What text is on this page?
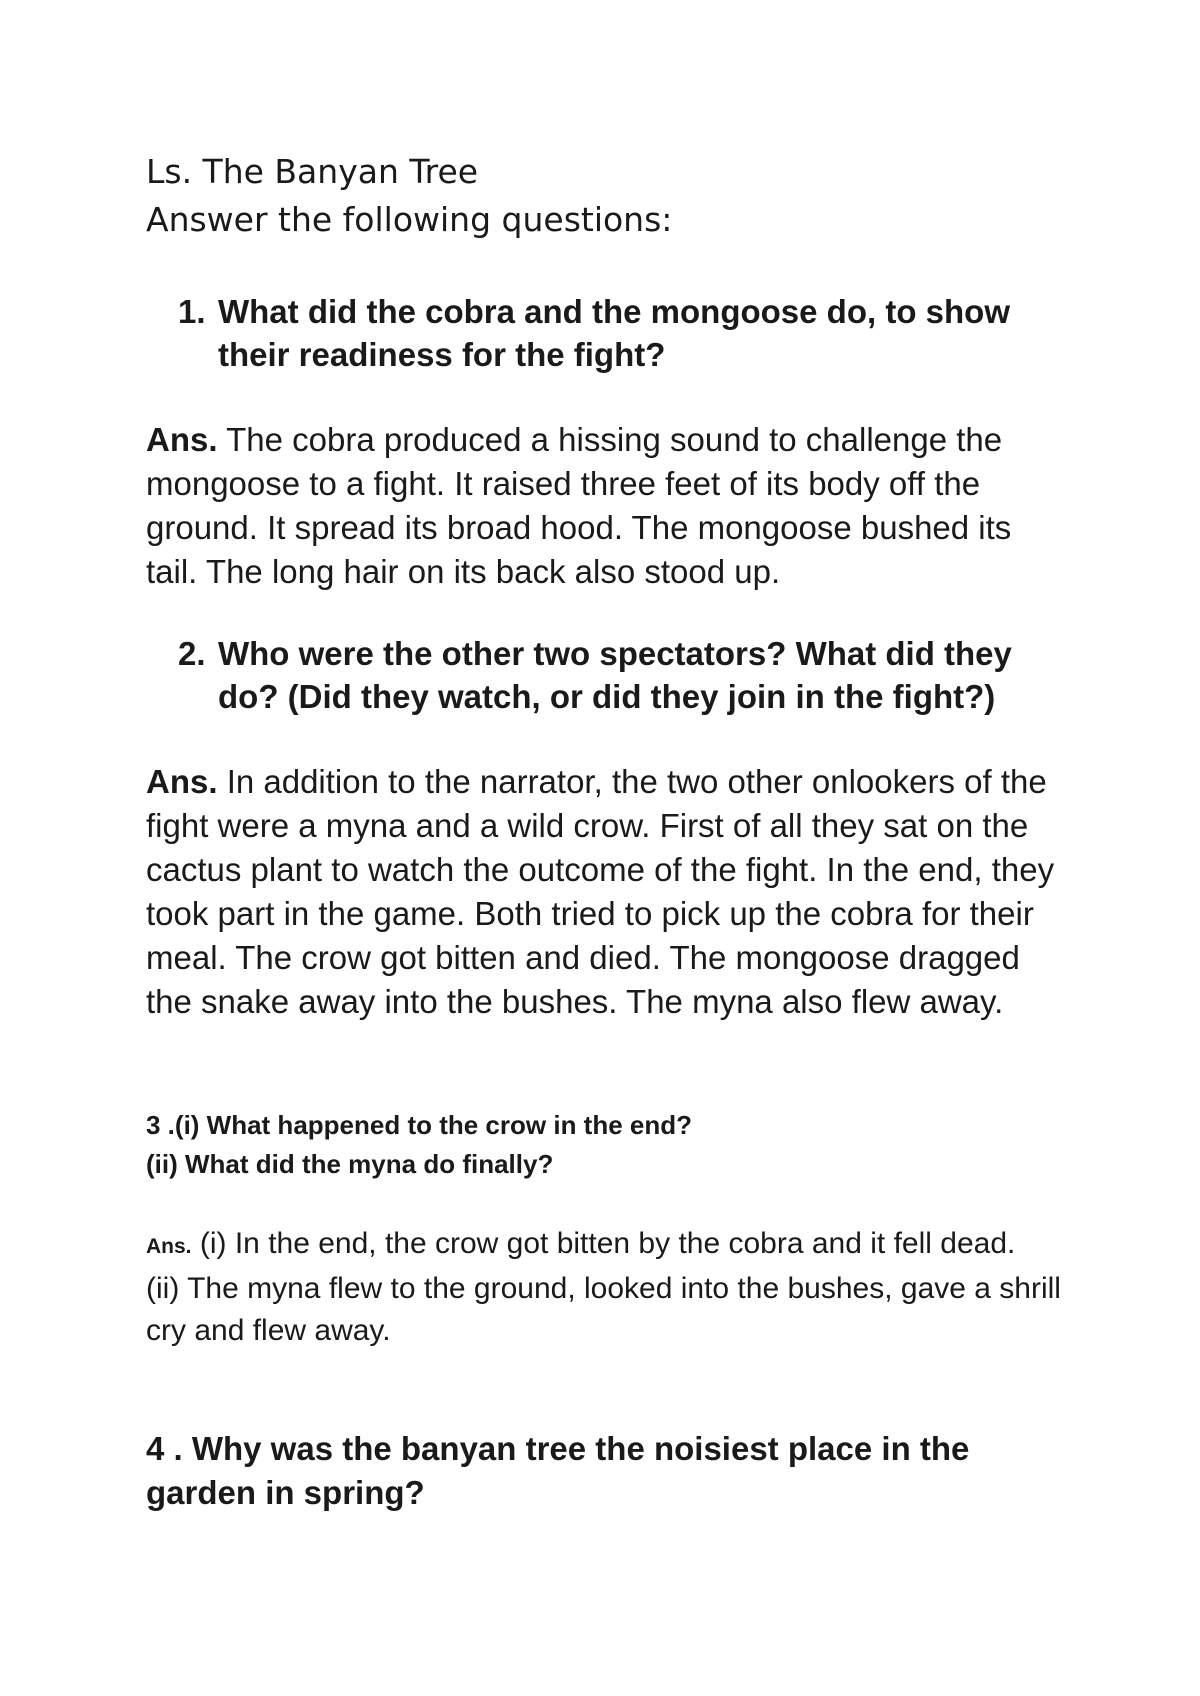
Ls. The Banyan Tree

Answer the following questions:

1. What did the cobra and the mongoose do, to show their readiness for the fight?

Ans. The cobra produced a hissing sound to challenge the mongoose to a fight. It raised three feet of its body off the ground. It spread its broad hood. The mongoose bushed its tail. The long hair on its back also stood up.

2. Who were the other two spectators? What did they do? (Did they watch, or did they join in the fight?)

Ans. In addition to the narrator, the two other onlookers of the fight were a myna and a wild crow. First of all they sat on the cactus plant to watch the outcome of the fight. In the end, they took part in the game. Both tried to pick up the cobra for their meal. The crow got bitten and died. The mongoose dragged the snake away into the bushes. The myna also flew away.

3 .(i) What happened to the crow in the end?
(ii) What did the myna do finally?
Ans. (i) In the end, the crow got bitten by the cobra and it fell dead.
(ii) The myna flew to the ground, looked into the bushes, gave a shrill cry and flew away.

4 . Why was the banyan tree the noisiest place in the garden in spring?
